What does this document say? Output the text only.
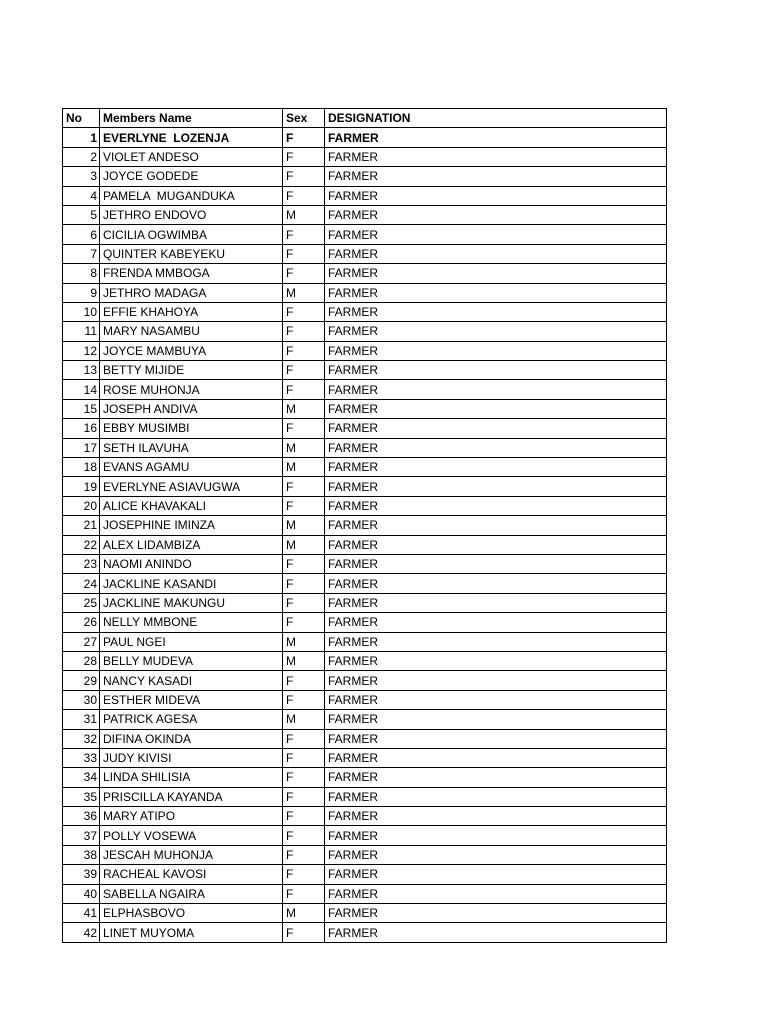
No	Members Name	Sex	DESIGNATION
1	EVERLYNE  LOZENJA	F	FARMER
2	VIOLET ANDESO	F	FARMER
3	JOYCE GODEDE	F	FARMER
4	PAMELA  MUGANDUKA	F	FARMER
5	JETHRO ENDOVO	M	FARMER
6	CICILIA OGWIMBA	F	FARMER
7	QUINTER KABEYEKU	F	FARMER
8	FRENDA MMBOGA	F	FARMER
9	JETHRO MADAGA	M	FARMER
10	EFFIE KHAHOYA	F	FARMER
11	MARY NASAMBU	F	FARMER
12	JOYCE MAMBUYA	F	FARMER
13	BETTY MIJIDE	F	FARMER
14	ROSE MUHONJA	F	FARMER
15	JOSEPH ANDIVA	M	FARMER
16	EBBY MUSIMBI	F	FARMER
17	SETH ILAVUHA	M	FARMER
18	EVANS AGAMU	M	FARMER
19	EVERLYNE ASIAVUGWA	F	FARMER
20	ALICE KHAVAKALI	F	FARMER
21	JOSEPHINE IMINZA	M	FARMER
22	ALEX LIDAMBIZA	M	FARMER
23	NAOMI ANINDO	F	FARMER
24	JACKLINE KASANDI	F	FARMER
25	JACKLINE MAKUNGU	F	FARMER
26	NELLY MMBONE	F	FARMER
27	PAUL NGEI	M	FARMER
28	BELLY MUDEVA	M	FARMER
29	NANCY KASADI	F	FARMER
30	ESTHER MIDEVA	F	FARMER
31	PATRICK AGESA	M	FARMER
32	DIFINA OKINDA	F	FARMER
33	JUDY KIVISI	F	FARMER
34	LINDA SHILISIA	F	FARMER
35	PRISCILLA KAYANDA	F	FARMER
36	MARY ATIPO	F	FARMER
37	POLLY VOSEWA	F	FARMER
38	JESCAH MUHONJA	F	FARMER
39	RACHEAL KAVOSI	F	FARMER
40	SABELLA NGAIRA	F	FARMER
41	ELPHASBOVO	M	FARMER
42	LINET MUYOMA	F	FARMER
